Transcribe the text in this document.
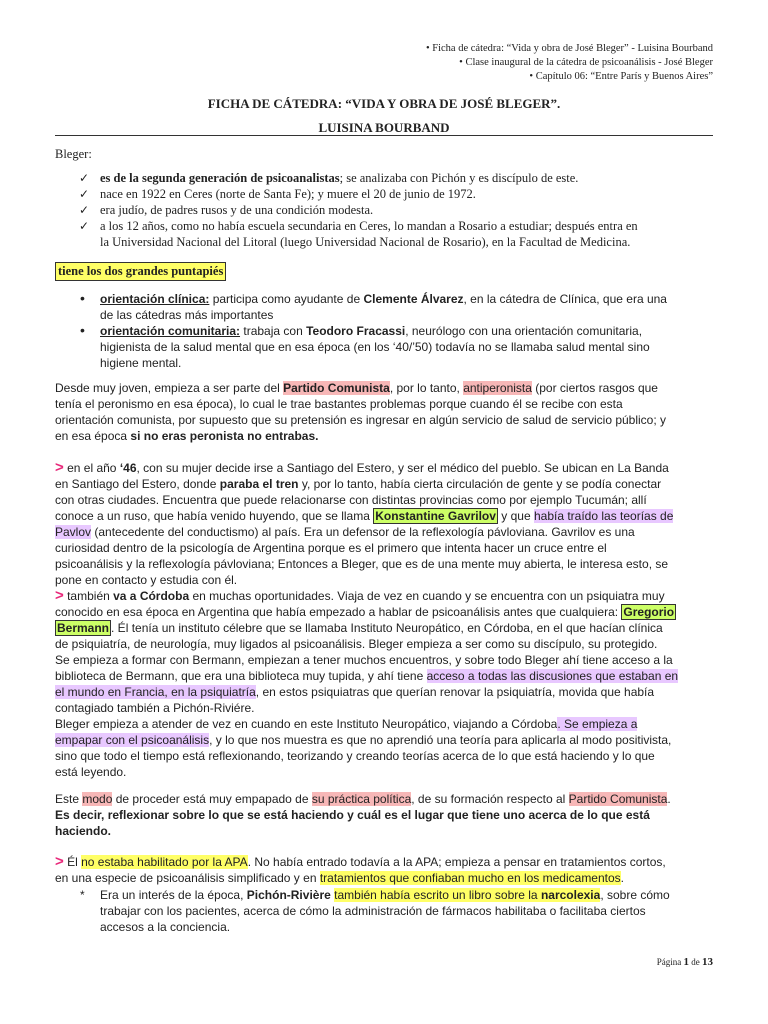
• Ficha de cátedra: “Vida y obra de José Bleger” - Luisina Bourband
• Clase inaugural de la cátedra de psicoanálisis - José Bleger
• Capítulo 06: “Entre París y Buenos Aires”
FICHA DE CÁTEDRA: “VIDA Y OBRA DE JOSÉ BLEGER”.
LUISINA BOURBAND
Bleger:
✓ es de la segunda generación de psicoanalistas; se analizaba con Pichón y es discípulo de este.
✓ nace en 1922 en Ceres (norte de Santa Fe); y muere el 20 de junio de 1972.
✓ era judío, de padres rusos y de una condición modesta.
✓ a los 12 años, como no había escuela secundaria en Ceres, lo mandan a Rosario a estudiar; después entra en
la Universidad Nacional del Litoral (luego Universidad Nacional de Rosario), en la Facultad de Medicina.
tiene los dos grandes puntapiés
• orientación clínica: participa como ayudante de Clemente Álvarez, en la cátedra de Clínica, que era una
de las cátedras más importantes
• orientación comunitaria: trabaja con Teodoro Fracassi, neurólogo con una orientación comunitaria,
higienista de la salud mental que en esa época (en los ‘40/’50) todavía no se llamaba salud mental sino
higiene mental.
Desde muy joven, empieza a ser parte del Partido Comunista, por lo tanto, antiperonista (por ciertos rasgos que
tenía el peronismo en esa época), lo cual le trae bastantes problemas porque cuando él se recibe con esta
orientación comunista, por supuesto que su pretensión es ingresar en algún servicio de salud de servicio público; y
en esa época si no eras peronista no entrabas.
> en el año ‘46, con su mujer decide irse a Santiago del Estero, y ser el médico del pueblo. Se ubican en La Banda
en Santiago del Estero, donde paraba el tren y, por lo tanto, había cierta circulación de gente y se podía conectar
con otras ciudades. Encuentra que puede relacionarse con distintas provincias como por ejemplo Tucumán; allí
conoce a un ruso, que había venido huyendo, que se llama Konstantine Gavrilov y que había traído las teorías de
Pavlov (antecedente del conductismo) al país. Era un defensor de la reflexología pávloviana. Gavrilov es una
curiosidad dentro de la psicología de Argentina porque es el primero que intenta hacer un cruce entre el
psicoanálisis y la reflexología pávloviana; Entonces a Bleger, que es de una mente muy abierta, le interesa esto, se
pone en contacto y estudia con él.
> también va a Córdoba en muchas oportunidades. Viaja de vez en cuando y se encuentra con un psiquiatra muy
conocido en esa época en Argentina que había empezado a hablar de psicoanálisis antes que cualquiera: Gregorio
Bermann . Él tenía un instituto célebre que se llamaba Instituto Neuropático, en Córdoba, en el que hacían clínica
de psiquiatría, de neurología, muy ligados al psicoanálisis. Bleger empieza a ser como su discípulo, su protegido.
Se empieza a formar con Bermann, empiezan a tener muchos encuentros, y sobre todo Bleger ahí tiene acceso a la
biblioteca de Bermann, que era una biblioteca muy tupida, y ahí tiene acceso a todas las discusiones que estaban en
el mundo en Francia, en la psiquiatría, en estos psiquiatras que querían renovar la psiquiatría, movida que había
contagiado también a Pichón-Riviére.
Bleger empieza a atender de vez en cuando en este Instituto Neuropático, viajando a Córdoba. Se empieza a
empapar con el psicoanálisis, y lo que nos muestra es que no aprendió una teoría para aplicarla al modo positivista,
sino que todo el tiempo está reflexionando, teorizando y creando teorías acerca de lo que está haciendo y lo que
está leyendo.
Este modo de proceder está muy empapado de su práctica política, de su formación respecto al Partido Comunista.
Es decir, reflexionar sobre lo que se está haciendo y cuál es el lugar que tiene uno acerca de lo que está
haciendo.
> Él no estaba habilitado por la APA. No había entrado todavía a la APA; empieza a pensar en tratamientos cortos,
en una especie de psicoanálisis simplificado y en tratamientos que confiaban mucho en los medicamentos.
* Era un interés de la época, Pichón-Rivière también había escrito un libro sobre la narcolexia, sobre cómo
trabajar con los pacientes, acerca de cómo la administración de fármacos habilitaba o facilitaba ciertos
accesos a la conciencia.
Página 1 de 13
